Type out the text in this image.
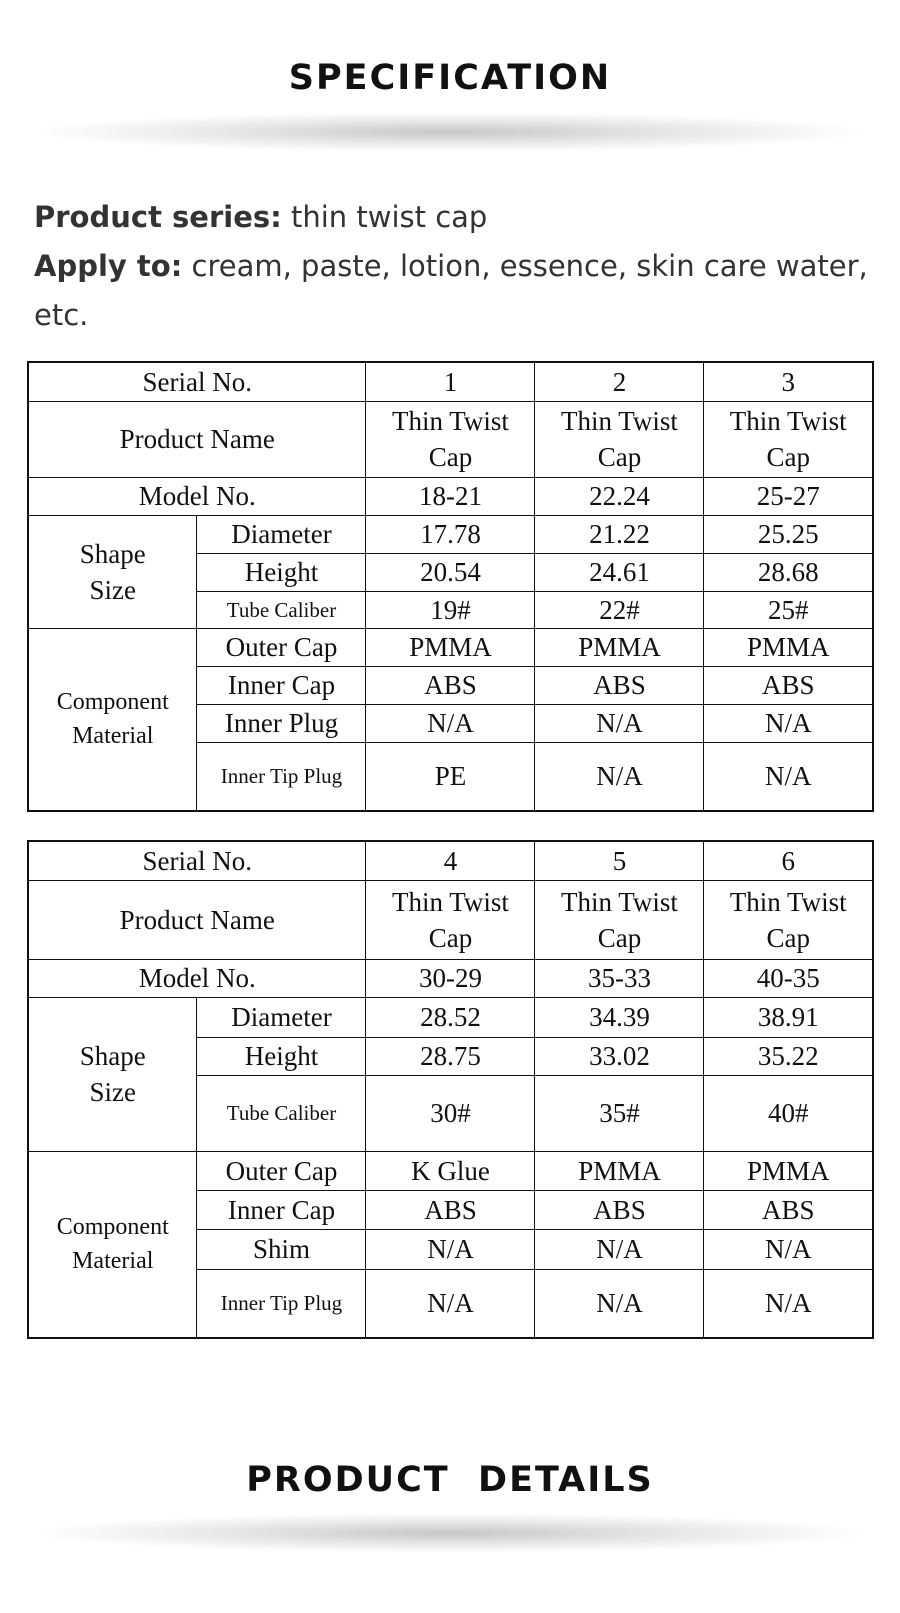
SPECIFICATION
Product series: thin twist cap
Apply to: cream, paste, lotion, essence, skin care water, etc.
Serial No.		1	2	3
Product Name		Thin Twist Cap	Thin Twist Cap	Thin Twist Cap
Model No.		18-21	22.24	25-27
Shape Size	Diameter	17.78	21.22	25.25
	Height	20.54	24.61	28.68
	Tube Caliber	19#	22#	25#
Component Material	Outer Cap	PMMA	PMMA	PMMA
	Inner Cap	ABS	ABS	ABS
	Inner Plug	N/A	N/A	N/A
	Inner Tip Plug	PE	N/A	N/A
Serial No.		4	5	6
Product Name		Thin Twist Cap	Thin Twist Cap	Thin Twist Cap
Model No.		30-29	35-33	40-35
Shape Size	Diameter	28.52	34.39	38.91
	Height	28.75	33.02	35.22
	Tube Caliber	30#	35#	40#
Component Material	Outer Cap	K Glue	PMMA	PMMA
	Inner Cap	ABS	ABS	ABS
	Shim	N/A	N/A	N/A
	Inner Tip Plug	N/A	N/A	N/A
PRODUCT  DETAILS
